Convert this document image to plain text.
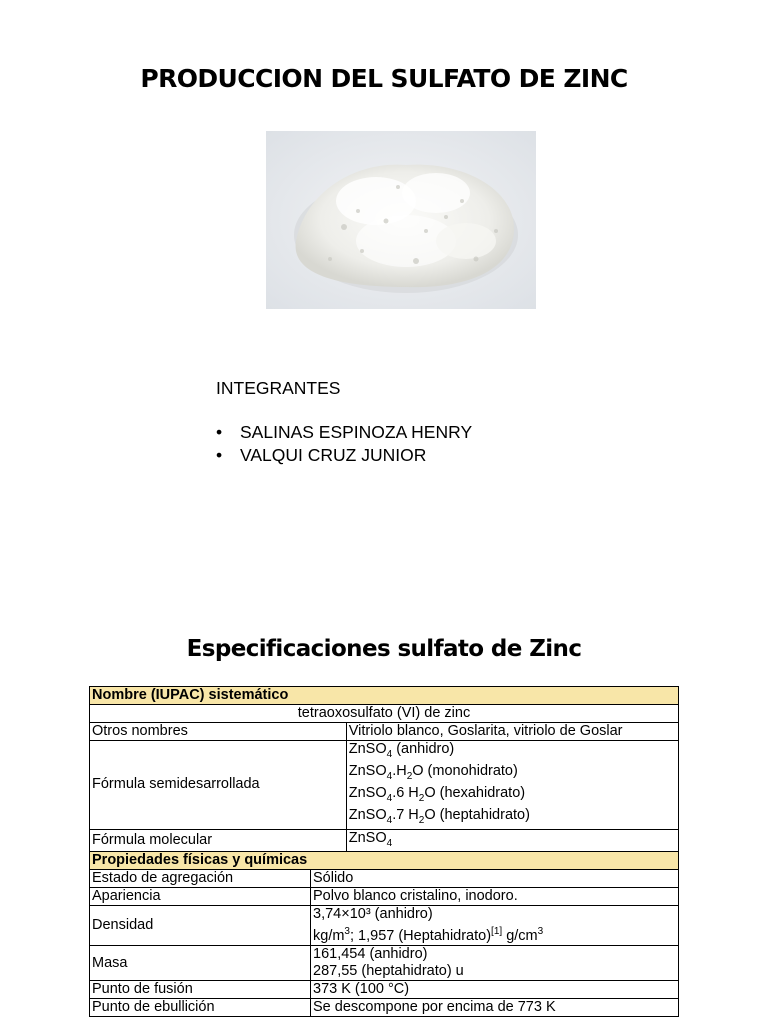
PRODUCCION DEL SULFATO DE ZINC
INTEGRANTES
•	SALINAS ESPINOZA HENRY
•	VALQUI CRUZ JUNIOR
Especificaciones sulfato de Zinc
Nombre (IUPAC) sistemático		
tetraoxosulfato (VI) de zinc		
Otros nombres		Vitriolo blanco, Goslarita, vitriolo de Goslar
Fórmula semidesarrollada		ZnSO$_4$ (anhidro)
$ZnSO_4.H_2O$ (monohidrato)
ZnSO$_4$.6 $H_2O$ (hexahidrato)
ZnSO$_4$.7 $H_2O$ (heptahidrato)

Fórmula molecular		ZnSO$_4$
Propiedades físicas y químicas		
Estado de agregación	Sólido	
Apariencia	Polvo blanco cristalino, inodoro.	
Densidad	3,74×10³ (anhidro)
$kg/m^3$; 1,957 (Heptahidrato)[1] $g/cm^3$

Masa	161,454 (anhidro)
287,55 (heptahidrato) u	

Punto de fusión	373 K (100 °C)	
Punto de ebullición	Se descompone por encima de 773 K	
